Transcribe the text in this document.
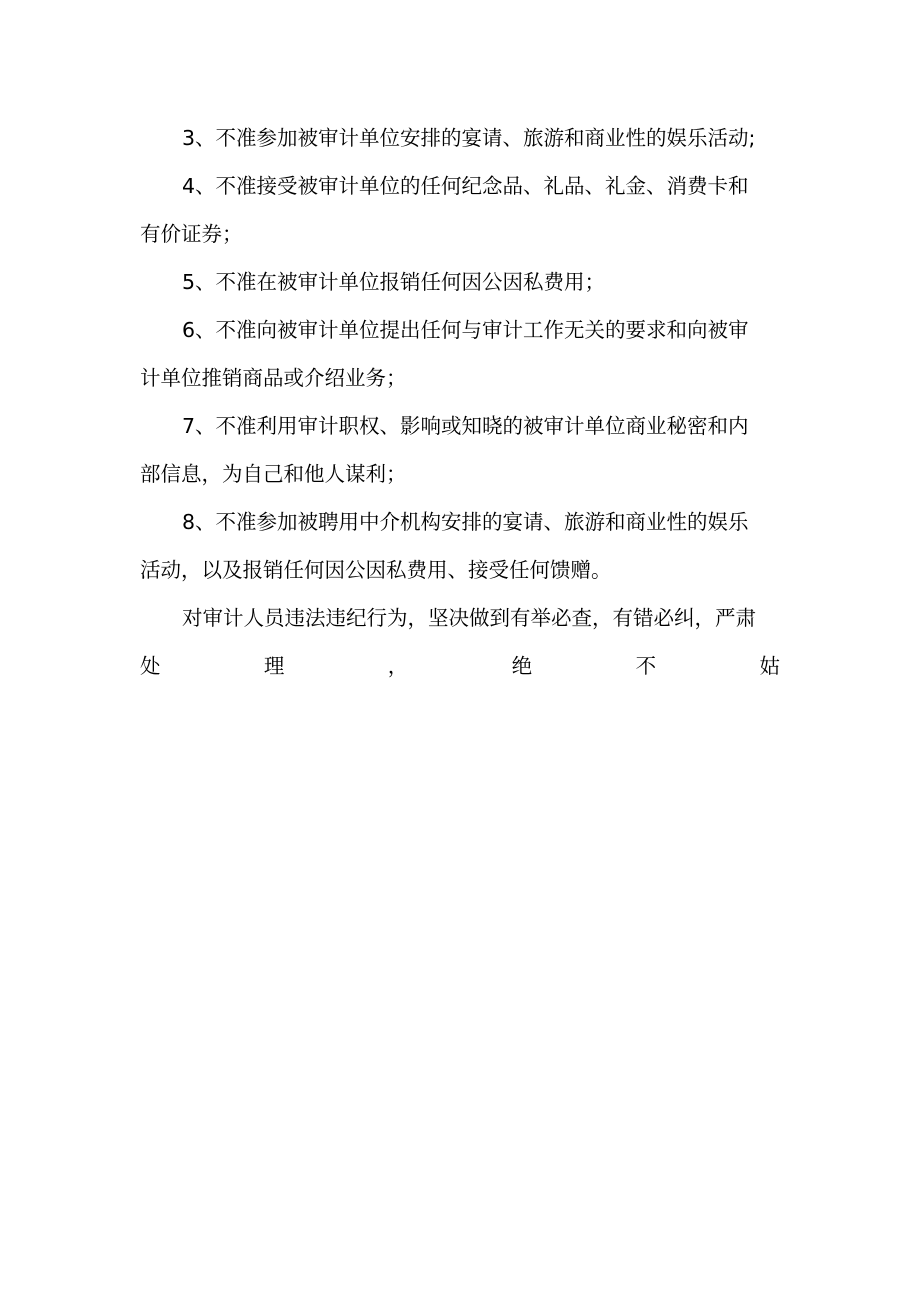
3、不准参加被审计单位安排的宴请、旅游和商业性的娱乐活动;
4、不准接受被审计单位的任何纪念品、礼品、礼金、消费卡和
有价证券；
5、不准在被审计单位报销任何因公因私费用；
6、不准向被审计单位提出任何与审计工作无关的要求和向被审
计单位推销商品或介绍业务；
7、不准利用审计职权、影响或知晓的被审计单位商业秘密和内
部信息，为自己和他人谋利；
8、不准参加被聘用中介机构安排的宴请、旅游和商业性的娱乐
活动，以及报销任何因公因私费用、接受任何馈赠。
对审计人员违法违纪行为，坚决做到有举必查，有错必纠，严肃
处	理	，	绝	不	姑
